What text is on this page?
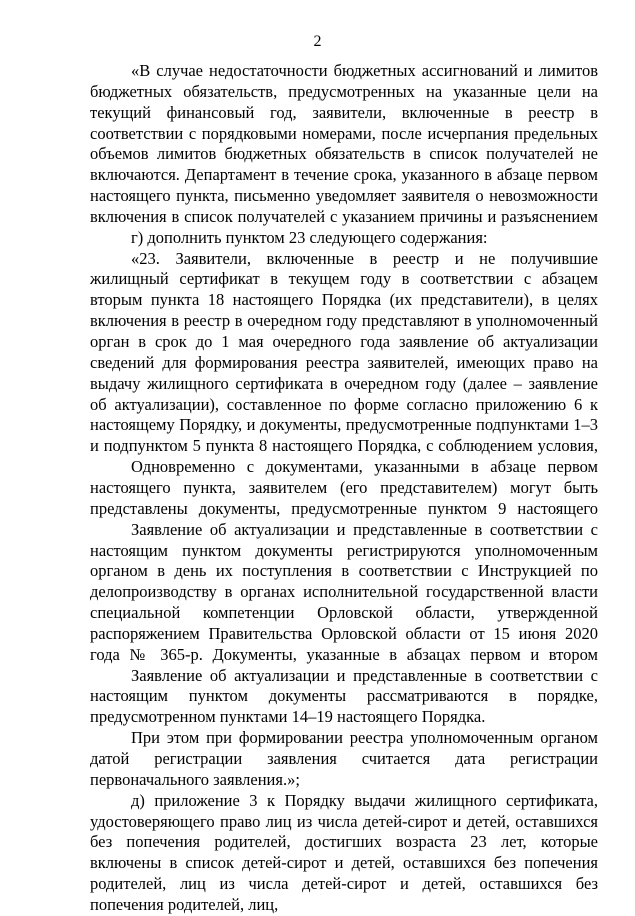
2

«В случае недостаточности бюджетных ассигнований и лимитов бюджетных обязательств, предусмотренных на указанные цели на текущий финансовый год, заявители, включенные в реестр в соответствии с порядковыми номерами, после исчерпания предельных объемов лимитов бюджетных обязательств в список получателей не включаются. Департамент в течение срока, указанного в абзаце первом настоящего пункта, письменно уведомляет заявителя о невозможности включения в список получателей с указанием причины и разъяснением

г) дополнить пунктом 23 следующего содержания:

«23. Заявители, включенные в реестр и не получившие жилищный сертификат в текущем году в соответствии с абзацем вторым пункта 18 настоящего Порядка (их представители), в целях включения в реестр в очередном году представляют в уполномоченный орган в срок до 1 мая очередного года заявление об актуализации сведений для формирования реестра заявителей, имеющих право на выдачу жилищного сертификата в очередном году (далее – заявление об актуализации), составленное по форме согласно приложению 6 к настоящему Порядку, и документы, предусмотренные подпунктами 1–3 и подпунктом 5 пункта 8 настоящего Порядка, с соблюдением условия,

Одновременно с документами, указанными в абзаце первом настоящего пункта, заявителем (его представителем) могут быть представлены документы, предусмотренные пунктом 9 настоящего

Заявление об актуализации и представленные в соответствии с настоящим пунктом документы регистрируются уполномоченным органом в день их поступления в соответствии с Инструкцией по делопроизводству в органах исполнительной государственной власти специальной компетенции Орловской области, утвержденной распоряжением Правительства Орловской области от 15 июня 2020 года № 365-р. Документы, указанные в абзацах первом и втором

Заявление об актуализации и представленные в соответствии с настоящим пунктом документы рассматриваются в порядке, предусмотренном пунктами 14–19 настоящего Порядка.

При этом при формировании реестра уполномоченным органом датой регистрации заявления считается дата регистрации первоначального заявления.»;

д) приложение 3 к Порядку выдачи жилищного сертификата, удостоверяющего право лиц из числа детей-сирот и детей, оставшихся без попечения родителей, достигших возраста 23 лет, которые включены в список детей-сирот и детей, оставшихся без попечения родителей, лиц из числа детей-сирот и детей, оставшихся без попечения родителей, лиц,
